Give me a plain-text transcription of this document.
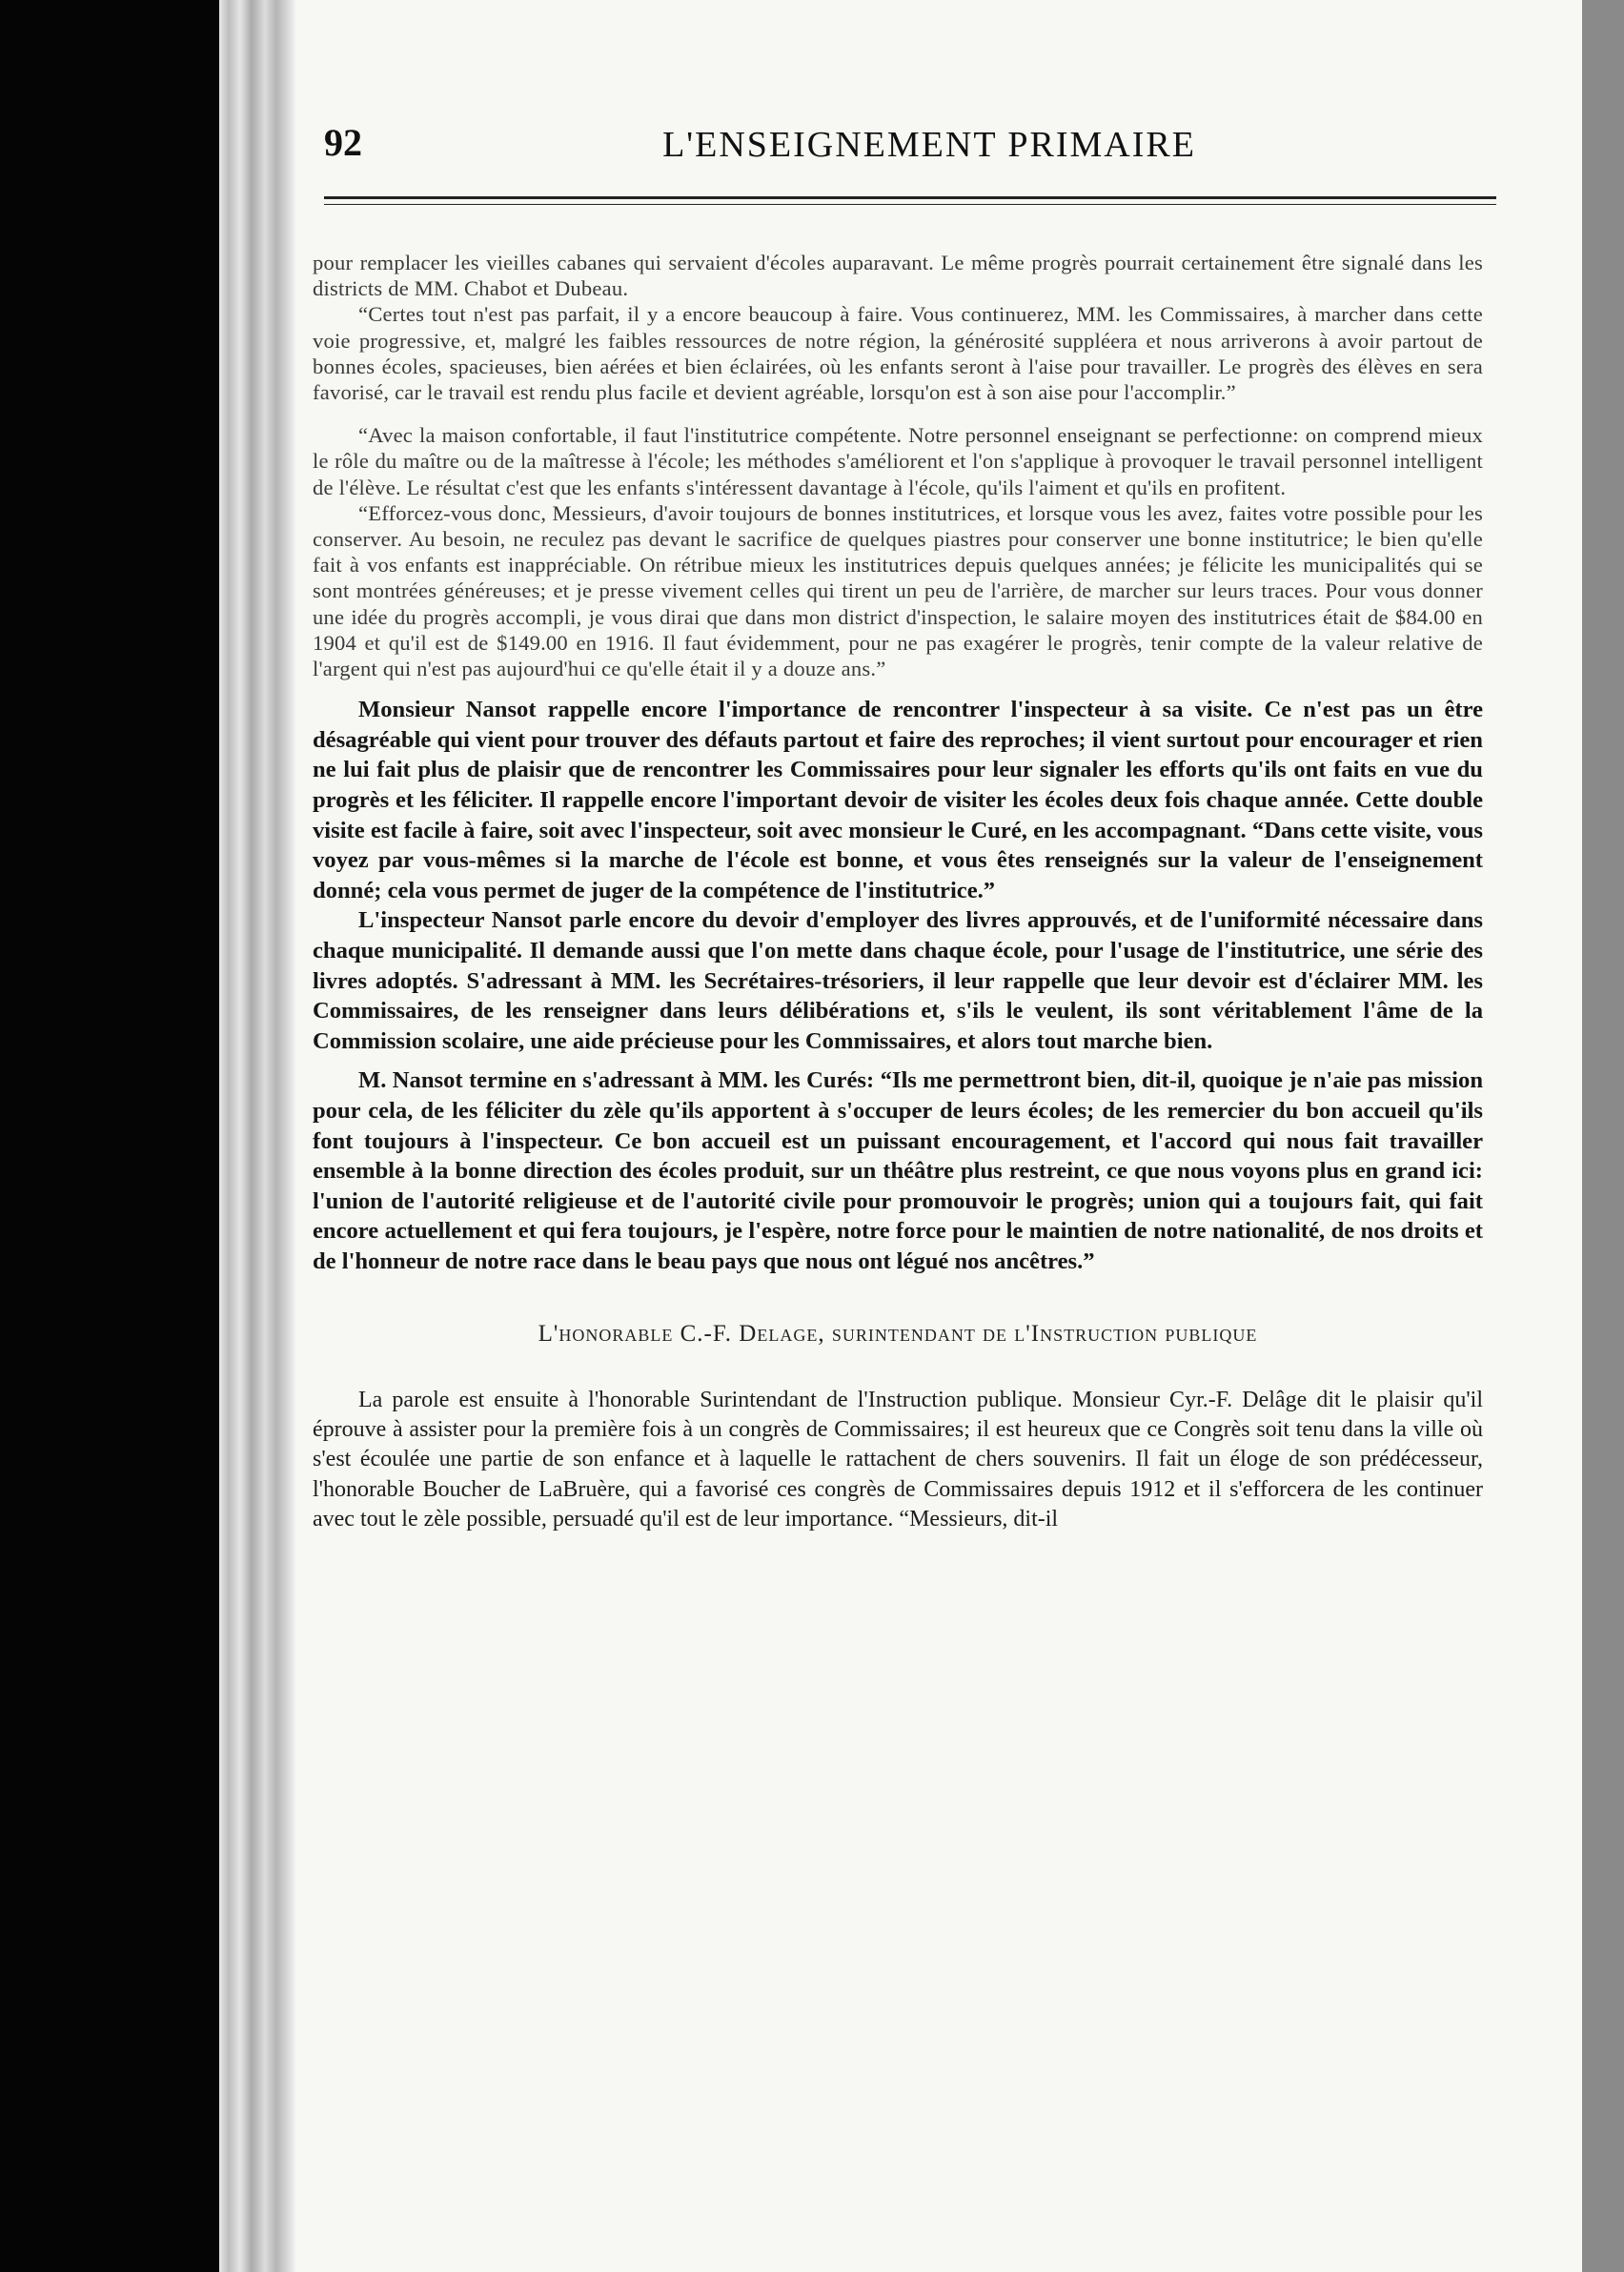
92	L'ENSEIGNEMENT PRIMAIRE

pour remplacer les vieilles cabanes qui servaient d'écoles auparavant. Le même progrès pourrait certainement être signalé dans les districts de MM. Chabot et Dubeau.

“Certes tout n'est pas parfait, il y a encore beaucoup à faire. Vous continuerez, MM. les Commissaires, à marcher dans cette voie progressive, et, malgré les faibles ressources de notre région, la générosité suppléera et nous arriverons à avoir partout de bonnes écoles, spacieuses, bien aérées et bien éclairées, où les enfants seront à l'aise pour travailler. Le progrès des élèves en sera favorisé, car le travail est rendu plus facile et devient agréable, lorsqu'on est à son aise pour l'accomplir.”

“Avec la maison confortable, il faut l'institutrice compétente. Notre personnel enseignant se perfectionne: on comprend mieux le rôle du maître ou de la maîtresse à l'école; les méthodes s'améliorent et l'on s'applique à provoquer le travail personnel intelligent de l'élève. Le résultat c'est que les enfants s'intéressent davantage à l'école, qu'ils l'aiment et qu'ils en profitent.

“Efforcez-vous donc, Messieurs, d'avoir toujours de bonnes institutrices, et lorsque vous les avez, faites votre possible pour les conserver. Au besoin, ne reculez pas devant le sacrifice de quelques piastres pour conserver une bonne institutrice; le bien qu'elle fait à vos enfants est inappréciable. On rétribue mieux les institutrices depuis quelques années; je félicite les municipalités qui se sont montrées généreuses; et je presse vivement celles qui tirent un peu de l'arrière, de marcher sur leurs traces. Pour vous donner une idée du progrès accompli, je vous dirai que dans mon district d'inspection, le salaire moyen des institutrices était de $84.00 en 1904 et qu'il est de $149.00 en 1916. Il faut évidemment, pour ne pas exagérer le progrès, tenir compte de la valeur relative de l'argent qui n'est pas aujourd'hui ce qu'elle était il y a douze ans.”

Monsieur Nansot rappelle encore l'importance de rencontrer l'inspecteur à sa visite. Ce n'est pas un être désagréable qui vient pour trouver des défauts partout et faire des reproches; il vient surtout pour encourager et rien ne lui fait plus de plaisir que de rencontrer les Commissaires pour leur signaler les efforts qu'ils ont faits en vue du progrès et les féliciter. Il rappelle encore l'important devoir de visiter les écoles deux fois chaque année. Cette double visite est facile à faire, soit avec l'inspecteur, soit avec monsieur le Curé, en les accompagnant. “Dans cette visite, vous voyez par vous-mêmes si la marche de l'école est bonne, et vous êtes renseignés sur la valeur de l'enseignement donné; cela vous permet de juger de la compétence de l'institutrice.”

L'inspecteur Nansot parle encore du devoir d'employer des livres approuvés, et de l'uniformité nécessaire dans chaque municipalité. Il demande aussi que l'on mette dans chaque école, pour l'usage de l'institutrice, une série des livres adoptés. S'adressant à MM. les Secrétaires-trésoriers, il leur rappelle que leur devoir est d'éclairer MM. les Commissaires, de les renseigner dans leurs délibérations et, s'ils le veulent, ils sont véritablement l'âme de la Commission scolaire, une aide précieuse pour les Commissaires, et alors tout marche bien.

M. Nansot termine en s'adressant à MM. les Curés: “Ils me permettront bien, dit-il, quoique je n'aie pas mission pour cela, de les féliciter du zèle qu'ils apportent à s'occuper de leurs écoles; de les remercier du bon accueil qu'ils font toujours à l'inspecteur. Ce bon accueil est un puissant encouragement, et l'accord qui nous fait travailler ensemble à la bonne direction des écoles produit, sur un théâtre plus restreint, ce que nous voyons plus en grand ici: l'union de l'autorité religieuse et de l'autorité civile pour promouvoir le progrès; union qui a toujours fait, qui fait encore actuellement et qui fera toujours, je l'espère, notre force pour le maintien de notre nationalité, de nos droits et de l'honneur de notre race dans le beau pays que nous ont légué nos ancêtres.”

L'honorable C.-F. Delage, surintendant de l'Instruction publique

La parole est ensuite à l'honorable Surintendant de l'Instruction publique. Monsieur Cyr.-F. Delâge dit le plaisir qu'il éprouve à assister pour la première fois à un congrès de Commissaires; il est heureux que ce Congrès soit tenu dans la ville où s'est écoulée une partie de son enfance et à laquelle le rattachent de chers souvenirs. Il fait un éloge de son prédécesseur, l'honorable Boucher de LaBruère, qui a favorisé ces congrès de Commissaires depuis 1912 et il s'efforcera de les continuer avec tout le zèle possible, persuadé qu'il est de leur importance. “Messieurs, dit-il
